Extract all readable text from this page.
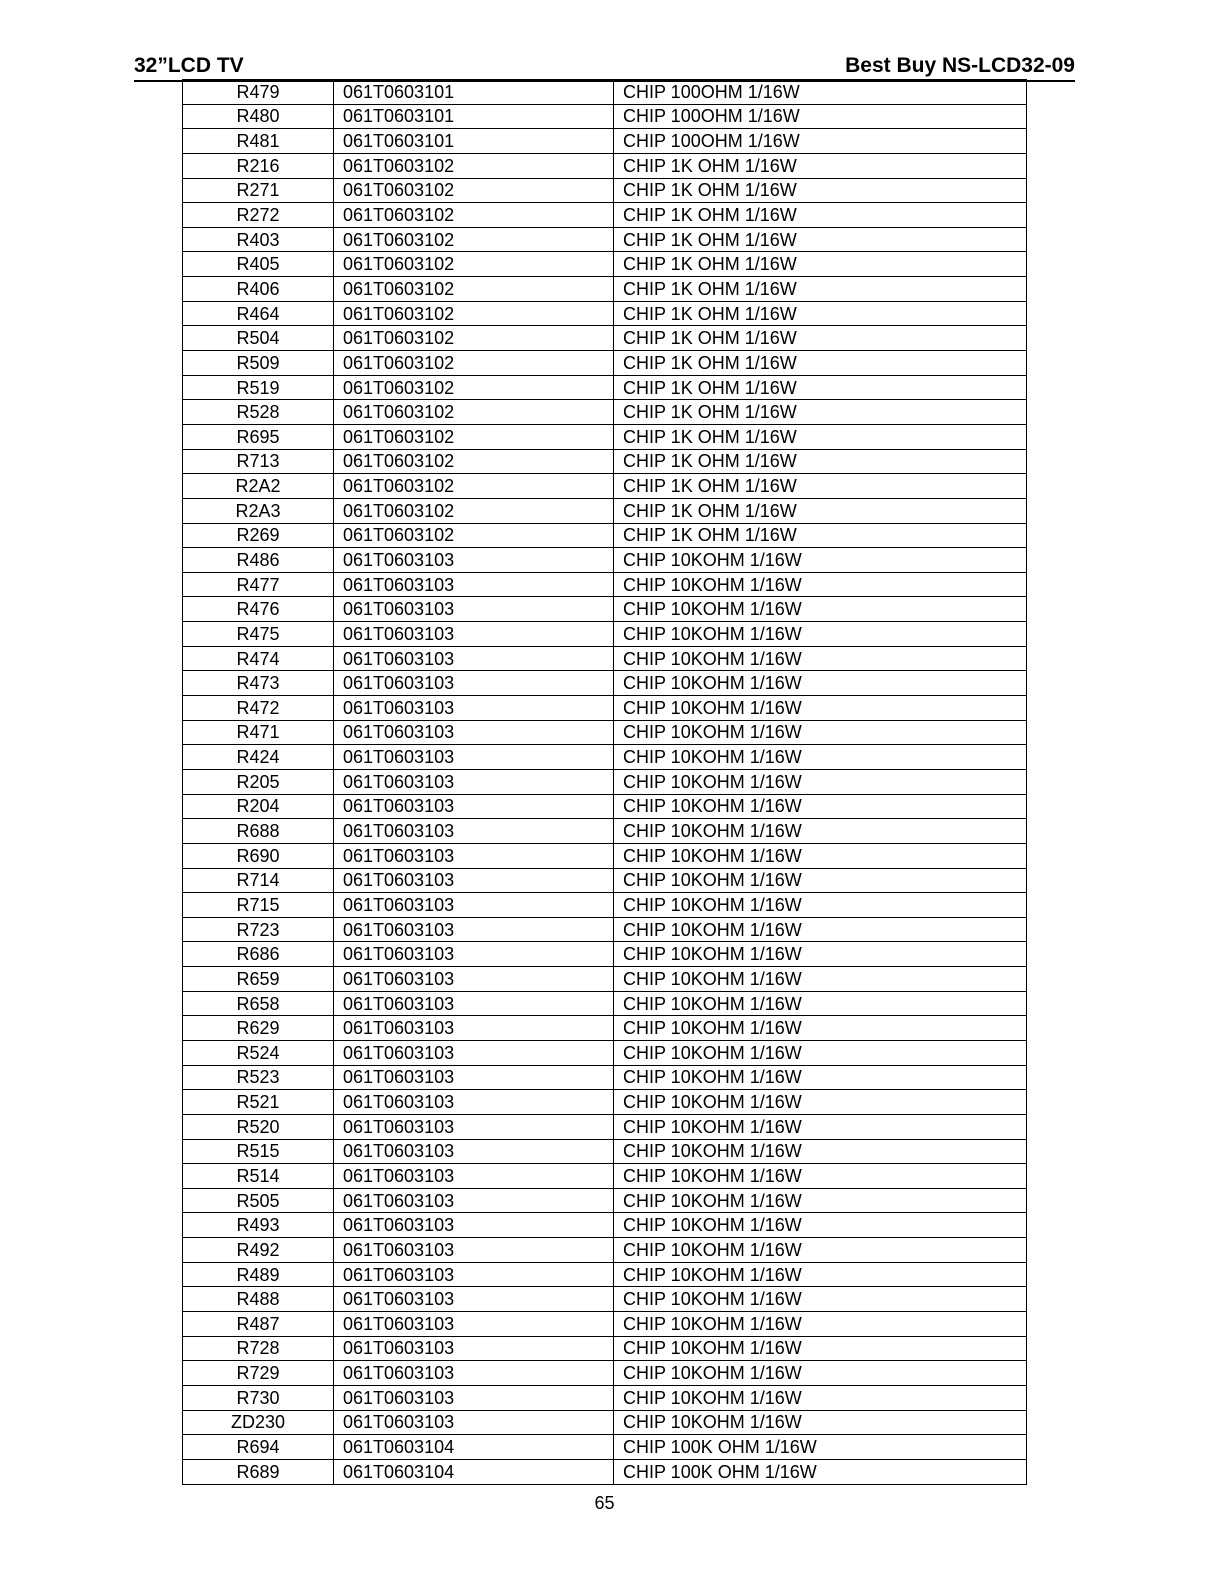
32”LCD TV	Best Buy NS-LCD32-09
R479	061T0603101	CHIP 100OHM 1/16W
R480	061T0603101	CHIP 100OHM 1/16W
R481	061T0603101	CHIP 100OHM 1/16W
R216	061T0603102	CHIP 1K OHM 1/16W
R271	061T0603102	CHIP 1K OHM 1/16W
R272	061T0603102	CHIP 1K OHM 1/16W
R403	061T0603102	CHIP 1K OHM 1/16W
R405	061T0603102	CHIP 1K OHM 1/16W
R406	061T0603102	CHIP 1K OHM 1/16W
R464	061T0603102	CHIP 1K OHM 1/16W
R504	061T0603102	CHIP 1K OHM 1/16W
R509	061T0603102	CHIP 1K OHM 1/16W
R519	061T0603102	CHIP 1K OHM 1/16W
R528	061T0603102	CHIP 1K OHM 1/16W
R695	061T0603102	CHIP 1K OHM 1/16W
R713	061T0603102	CHIP 1K OHM 1/16W
R2A2	061T0603102	CHIP 1K OHM 1/16W
R2A3	061T0603102	CHIP 1K OHM 1/16W
R269	061T0603102	CHIP 1K OHM 1/16W
R486	061T0603103	CHIP 10KOHM 1/16W
R477	061T0603103	CHIP 10KOHM 1/16W
R476	061T0603103	CHIP 10KOHM 1/16W
R475	061T0603103	CHIP 10KOHM 1/16W
R474	061T0603103	CHIP 10KOHM 1/16W
R473	061T0603103	CHIP 10KOHM 1/16W
R472	061T0603103	CHIP 10KOHM 1/16W
R471	061T0603103	CHIP 10KOHM 1/16W
R424	061T0603103	CHIP 10KOHM 1/16W
R205	061T0603103	CHIP 10KOHM 1/16W
R204	061T0603103	CHIP 10KOHM 1/16W
R688	061T0603103	CHIP 10KOHM 1/16W
R690	061T0603103	CHIP 10KOHM 1/16W
R714	061T0603103	CHIP 10KOHM 1/16W
R715	061T0603103	CHIP 10KOHM 1/16W
R723	061T0603103	CHIP 10KOHM 1/16W
R686	061T0603103	CHIP 10KOHM 1/16W
R659	061T0603103	CHIP 10KOHM 1/16W
R658	061T0603103	CHIP 10KOHM 1/16W
R629	061T0603103	CHIP 10KOHM 1/16W
R524	061T0603103	CHIP 10KOHM 1/16W
R523	061T0603103	CHIP 10KOHM 1/16W
R521	061T0603103	CHIP 10KOHM 1/16W
R520	061T0603103	CHIP 10KOHM 1/16W
R515	061T0603103	CHIP 10KOHM 1/16W
R514	061T0603103	CHIP 10KOHM 1/16W
R505	061T0603103	CHIP 10KOHM 1/16W
R493	061T0603103	CHIP 10KOHM 1/16W
R492	061T0603103	CHIP 10KOHM 1/16W
R489	061T0603103	CHIP 10KOHM 1/16W
R488	061T0603103	CHIP 10KOHM 1/16W
R487	061T0603103	CHIP 10KOHM 1/16W
R728	061T0603103	CHIP 10KOHM 1/16W
R729	061T0603103	CHIP 10KOHM 1/16W
R730	061T0603103	CHIP 10KOHM 1/16W
ZD230	061T0603103	CHIP 10KOHM 1/16W
R694	061T0603104	CHIP 100K OHM 1/16W
R689	061T0603104	CHIP 100K OHM 1/16W
65
